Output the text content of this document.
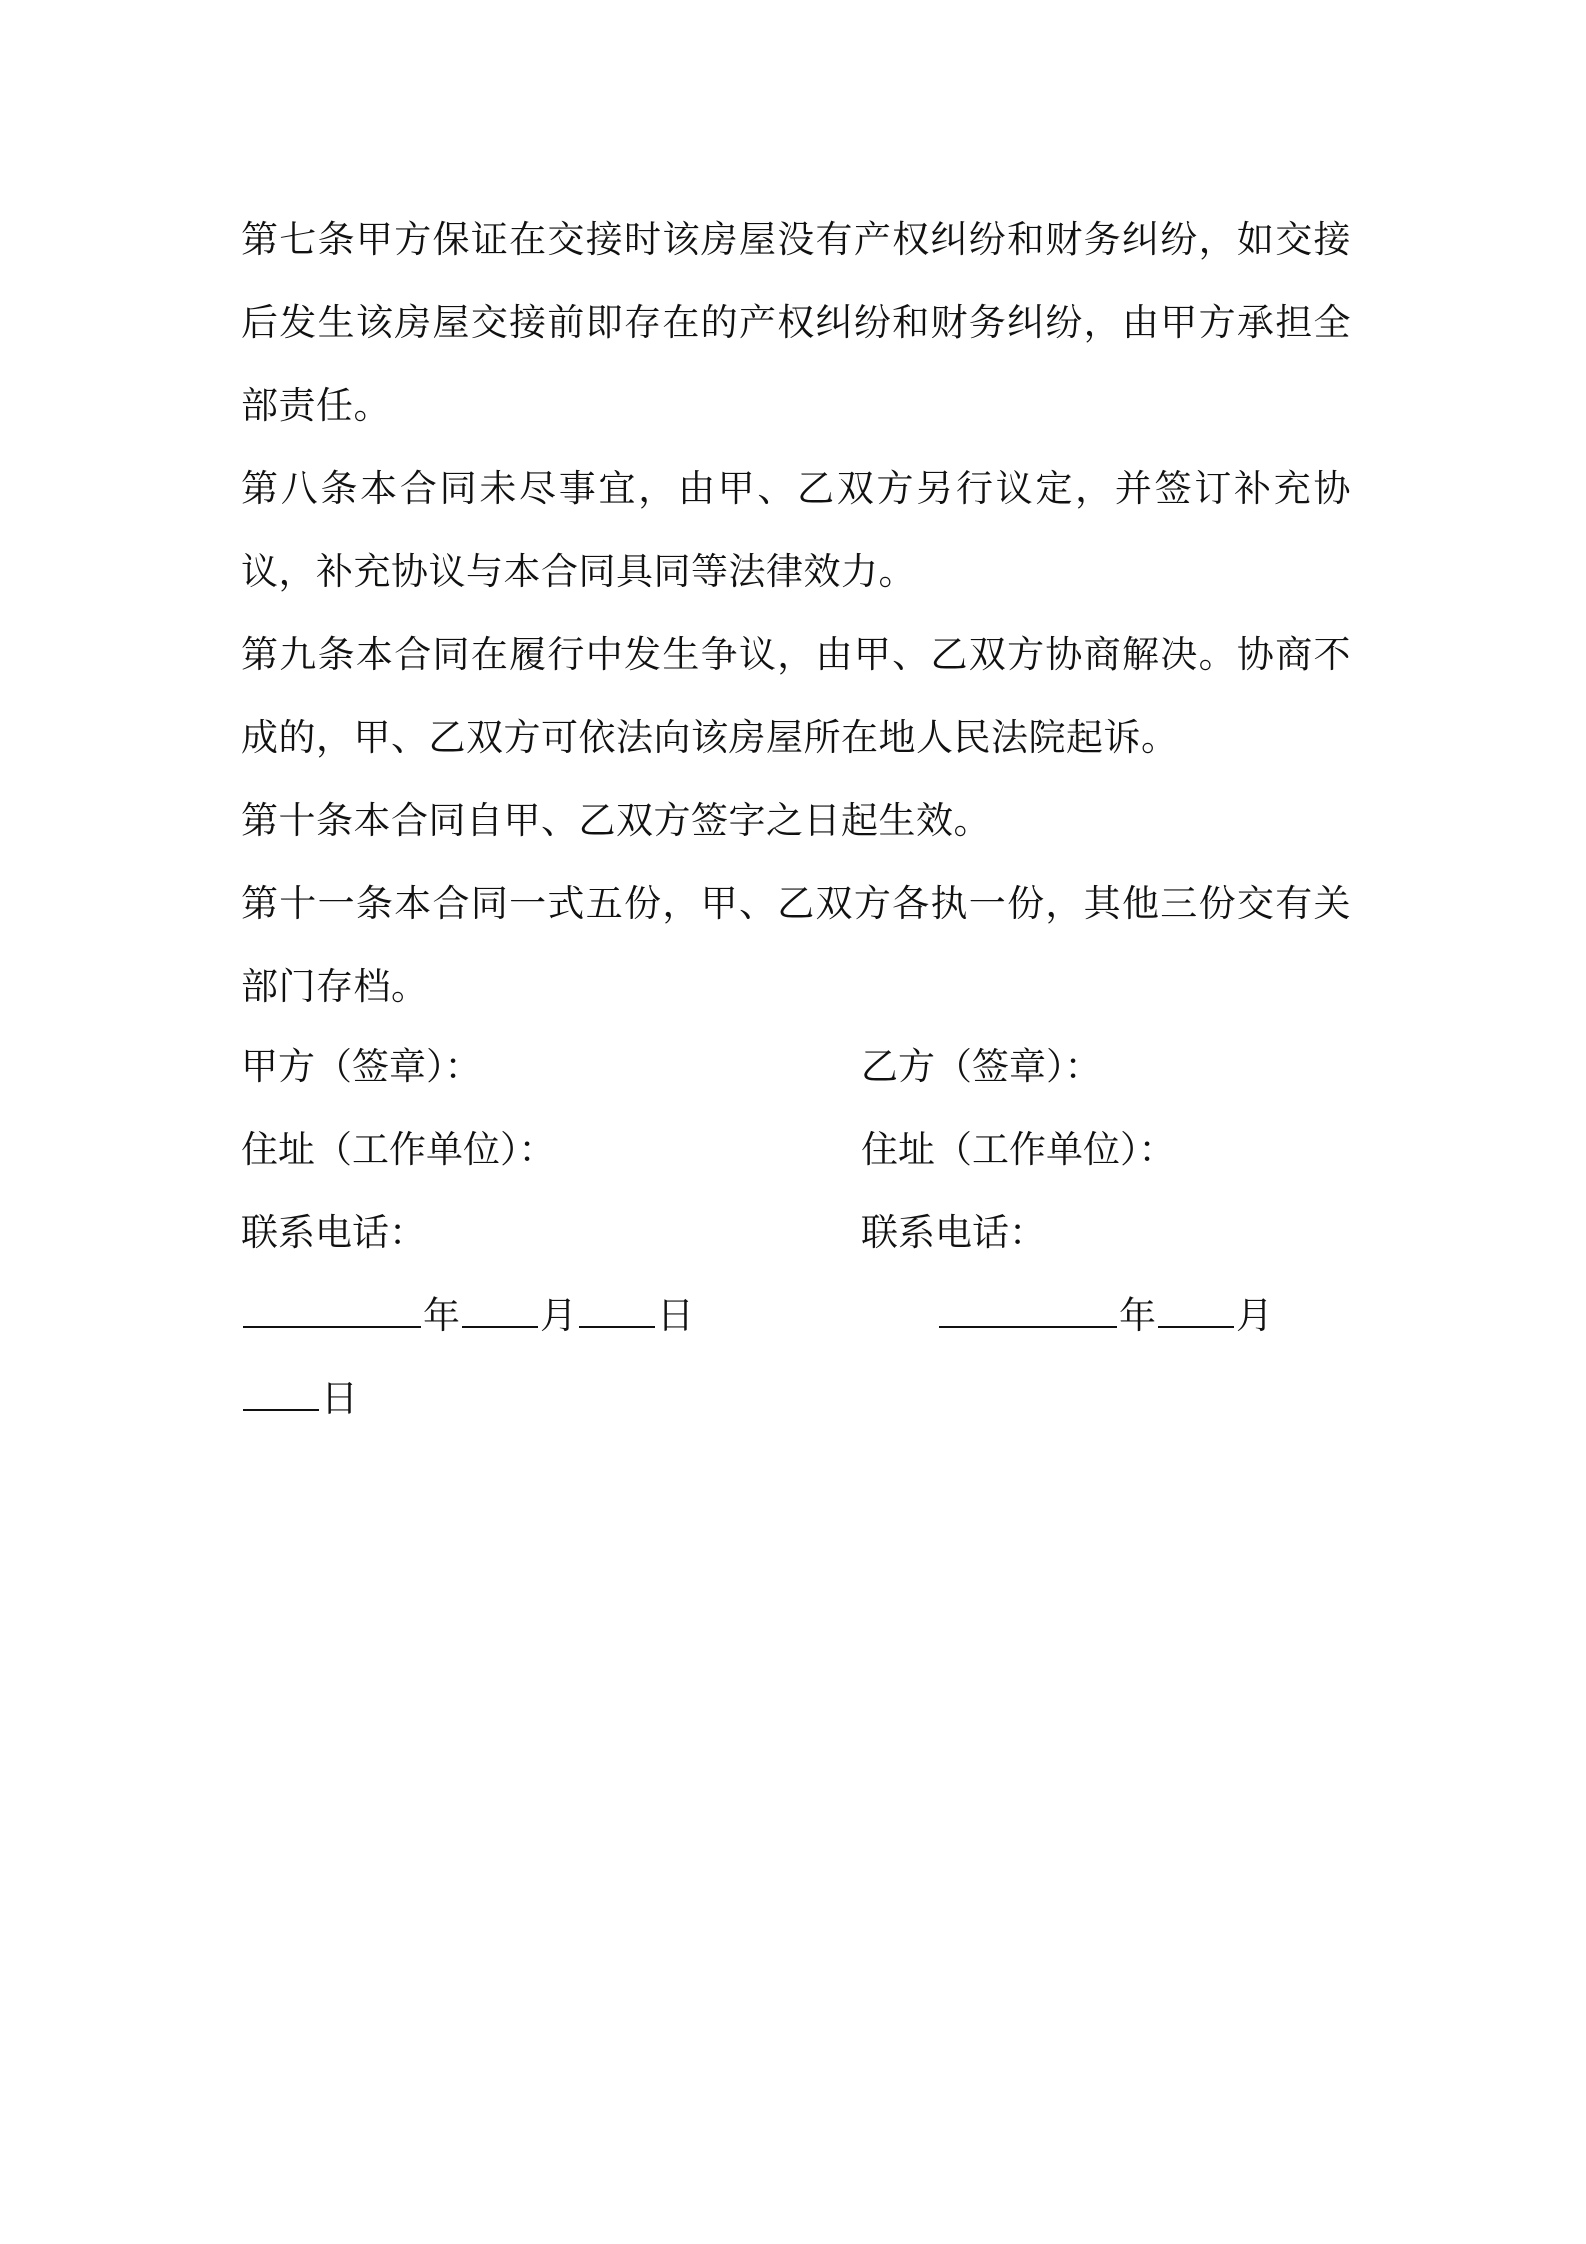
第七条甲方保证在交接时该房屋没有产权纠纷和财务纠纷，如交接后发生该房屋交接前即存在的产权纠纷和财务纠纷，由甲方承担全部责任。

第八条本合同未尽事宜，由甲、乙双方另行议定，并签订补充协议，补充协议与本合同具同等法律效力。

第九条本合同在履行中发生争议，由甲、乙双方协商解决。协商不成的，甲、乙双方可依法向该房屋所在地人民法院起诉。

第十条本合同自甲、乙双方签字之日起生效。

第十一条本合同一式五份，甲、乙双方各执一份，其他三份交有关部门存档。

甲方（签章）：
住址（工作单位）：
联系电话：
年 月 日
乙方（签章）：
住址（工作单位）：
联系电话：
年 月
日
